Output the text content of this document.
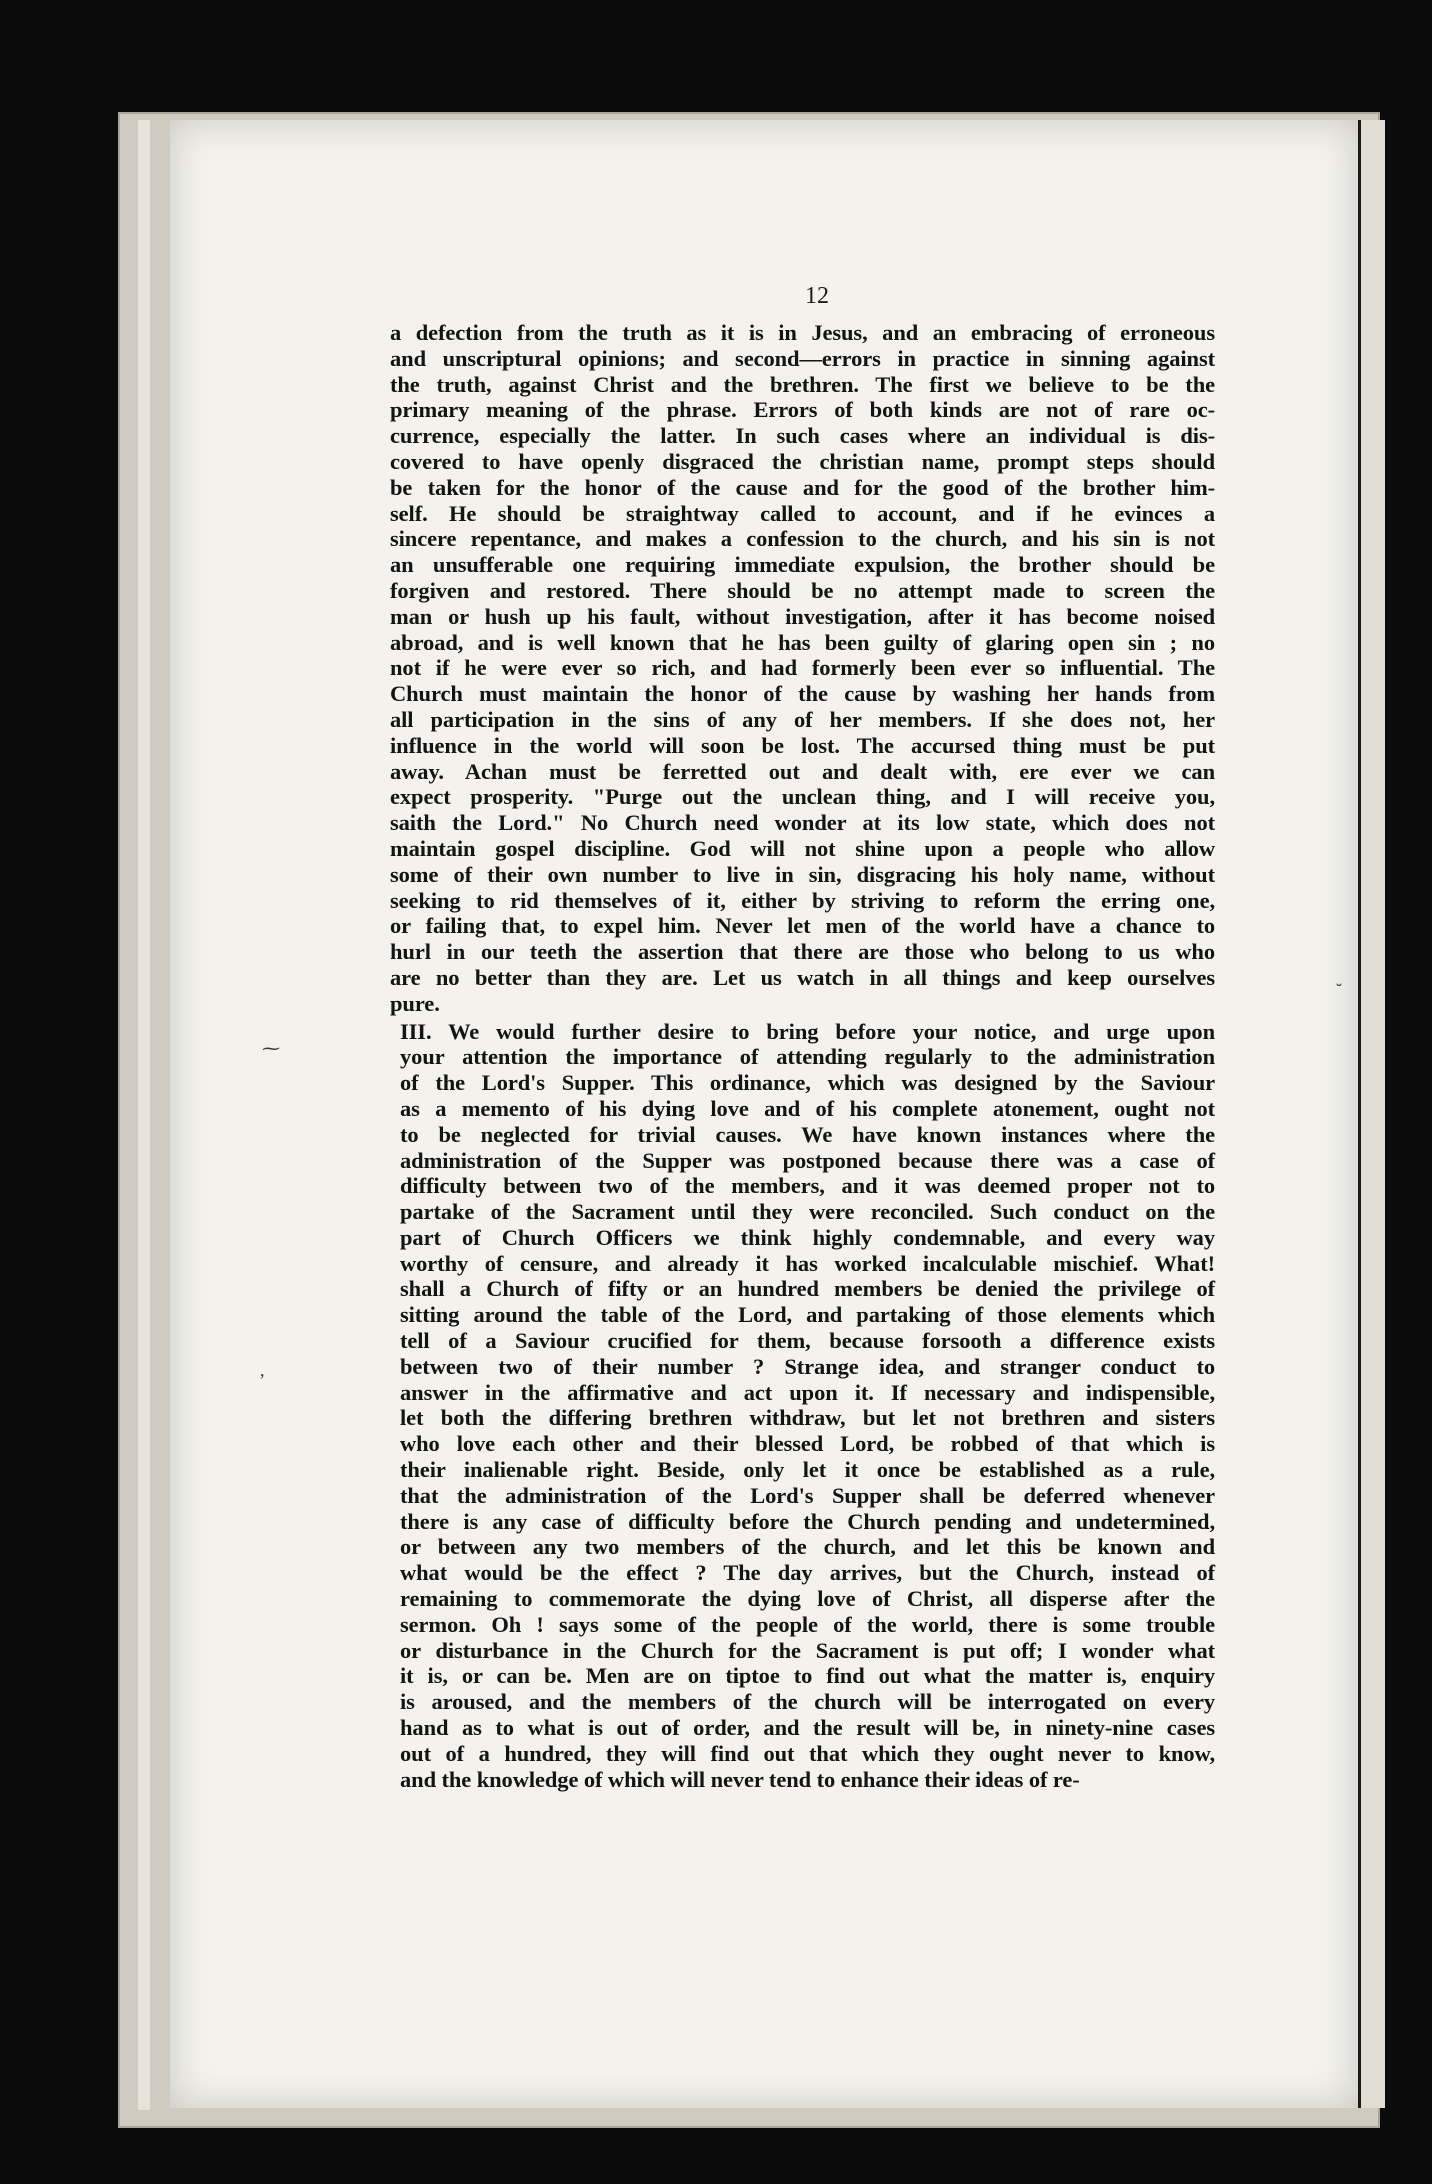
12

a defection from the truth as it is in Jesus, and an embracing of erroneous
and unscriptural opinions; and second—errors in practice in sinning against
the truth, against Christ and the brethren. The first we believe to be the
primary meaning of the phrase. Errors of both kinds are not of rare oc-
currence, especially the latter. In such cases where an individual is dis-
covered to have openly disgraced the christian name, prompt steps should
be taken for the honor of the cause and for the good of the brother him-
self. He should be straightway called to account, and if he evinces a
sincere repentance, and makes a confession to the church, and his sin is not
an unsufferable one requiring immediate expulsion, the brother should be
forgiven and restored. There should be no attempt made to screen the
man or hush up his fault, without investigation, after it has become noised
abroad, and is well known that he has been guilty of glaring open sin ; no
not if he were ever so rich, and had formerly been ever so influential. The
Church must maintain the honor of the cause by washing her hands from
all participation in the sins of any of her members. If she does not, her
influence in the world will soon be lost. The accursed thing must be put
away. Achan must be ferretted out and dealt with, ere ever we can
expect prosperity. "Purge out the unclean thing, and I will receive you,
saith the Lord." No Church need wonder at its low state, which does not
maintain gospel discipline. God will not shine upon a people who allow
some of their own number to live in sin, disgracing his holy name, without
seeking to rid themselves of it, either by striving to reform the erring one,
or failing that, to expel him. Never let men of the world have a chance to
hurl in our teeth the assertion that there are those who belong to us who
are no better than they are. Let us watch in all things and keep ourselves
pure.

III. We would further desire to bring before your notice, and urge upon
your attention the importance of attending regularly to the administration
of the Lord's Supper. This ordinance, which was designed by the Saviour
as a memento of his dying love and of his complete atonement, ought not
to be neglected for trivial causes. We have known instances where the
administration of the Supper was postponed because there was a case of
difficulty between two of the members, and it was deemed proper not to
partake of the Sacrament until they were reconciled. Such conduct on the
part of Church Officers we think highly condemnable, and every way
worthy of censure, and already it has worked incalculable mischief. What!
shall a Church of fifty or an hundred members be denied the privilege of
sitting around the table of the Lord, and partaking of those elements which
tell of a Saviour crucified for them, because forsooth a difference exists
between two of their number ? Strange idea, and stranger conduct to
answer in the affirmative and act upon it. If necessary and indispensible,
let both the differing brethren withdraw, but let not brethren and sisters
who love each other and their blessed Lord, be robbed of that which is
their inalienable right. Beside, only let it once be established as a rule,
that the administration of the Lord's Supper shall be deferred whenever
there is any case of difficulty before the Church pending and undetermined,
or between any two members of the church, and let this be known and
what would be the effect ? The day arrives, but the Church, instead of
remaining to commemorate the dying love of Christ, all disperse after the
sermon. Oh ! says some of the people of the world, there is some trouble
or disturbance in the Church for the Sacrament is put off; I wonder what
it is, or can be. Men are on tiptoe to find out what the matter is, enquiry
is aroused, and the members of the church will be interrogated on every
hand as to what is out of order, and the result will be, in ninety-nine cases
out of a hundred, they will find out that which they ought never to know,
and the knowledge of which will never tend to enhance their ideas of re-

⁓
˘
,
